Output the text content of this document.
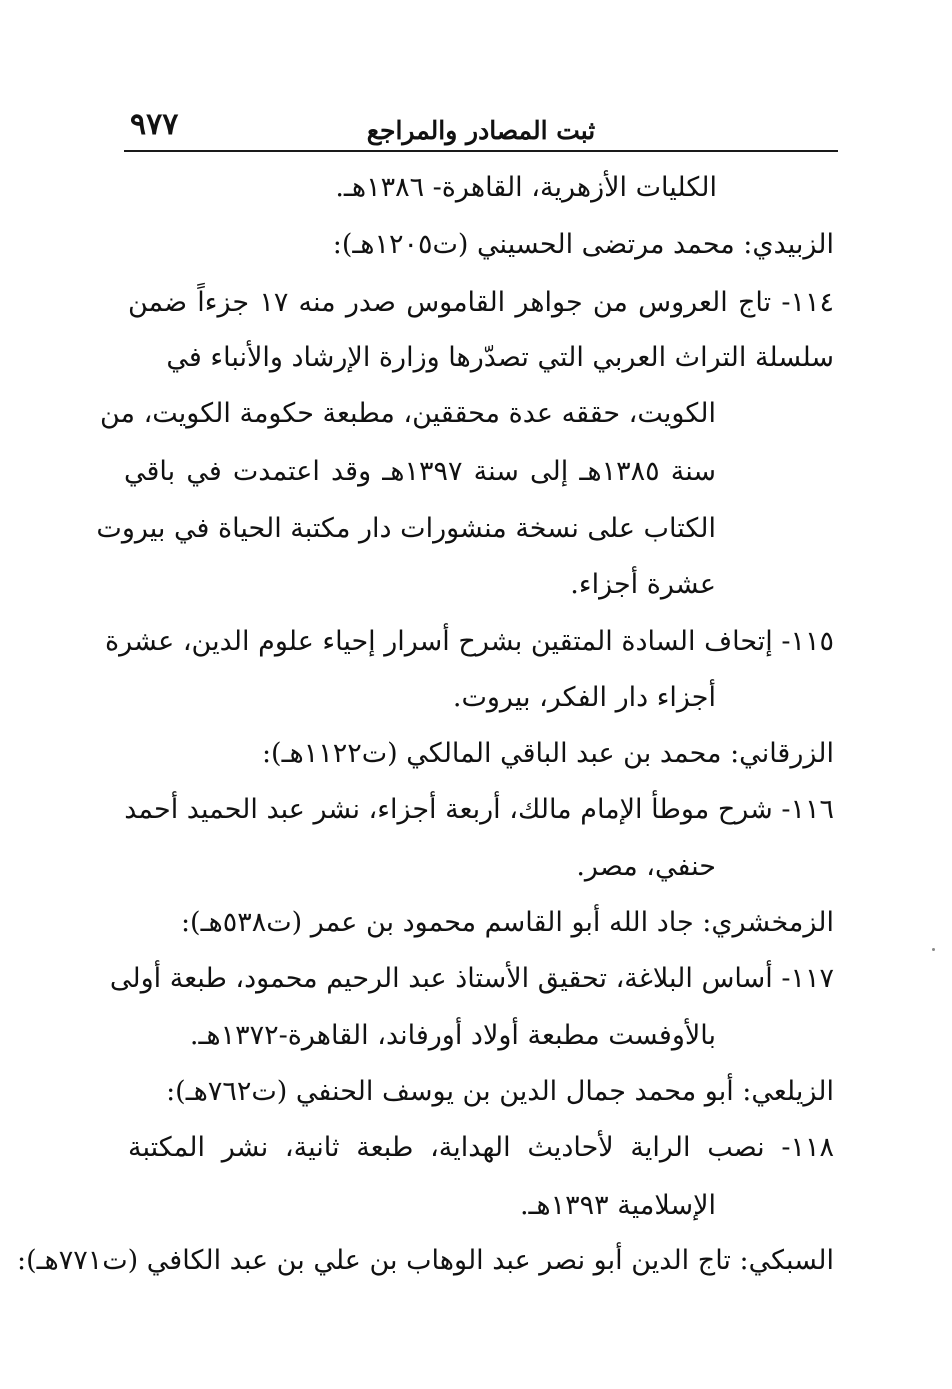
٩٧٧	ثبت المصادر والمراجع
الكليات الأزهرية، القاهرة- ١٣٨٦هـ.
الزبيدي: محمد مرتضى الحسيني (ت١٢٠٥هـ):
١١٤- تاج العروس من جواهر القاموس صدر منه ١٧ جزءاً ضمن
سلسلة التراث العربي التي تصدّرها وزارة الإرشاد والأنباء في
الكويت، حققه عدة محققين، مطبعة حكومة الكويت، من
سنة ١٣٨٥هـ إلى سنة ١٣٩٧هـ وقد اعتمدت في باقي
الكتاب على نسخة منشورات دار مكتبة الحياة في بيروت
عشرة أجزاء.
١١٥- إتحاف السادة المتقين بشرح أسرار إحياء علوم الدين، عشرة
أجزاء دار الفكر، بيروت.
الزرقاني: محمد بن عبد الباقي المالكي (ت١١٢٢هـ):
١١٦- شرح موطأ الإمام مالك، أربعة أجزاء، نشر عبد الحميد أحمد
حنفي، مصر.
الزمخشري: جاد الله أبو القاسم محمود بن عمر (ت٥٣٨هـ):
١١٧- أساس البلاغة، تحقيق الأستاذ عبد الرحيم محمود، طبعة أولى
بالأوفست مطبعة أولاد أورفاند، القاهرة-١٣٧٢هـ.
الزيلعي: أبو محمد جمال الدين بن يوسف الحنفي (ت٧٦٢هـ):
١١٨- نصب الراية لأحاديث الهداية، طبعة ثانية، نشر المكتبة
الإسلامية ١٣٩٣هـ.
السبكي: تاج الدين أبو نصر عبد الوهاب بن علي بن عبد الكافي (ت٧٧١هـ):
